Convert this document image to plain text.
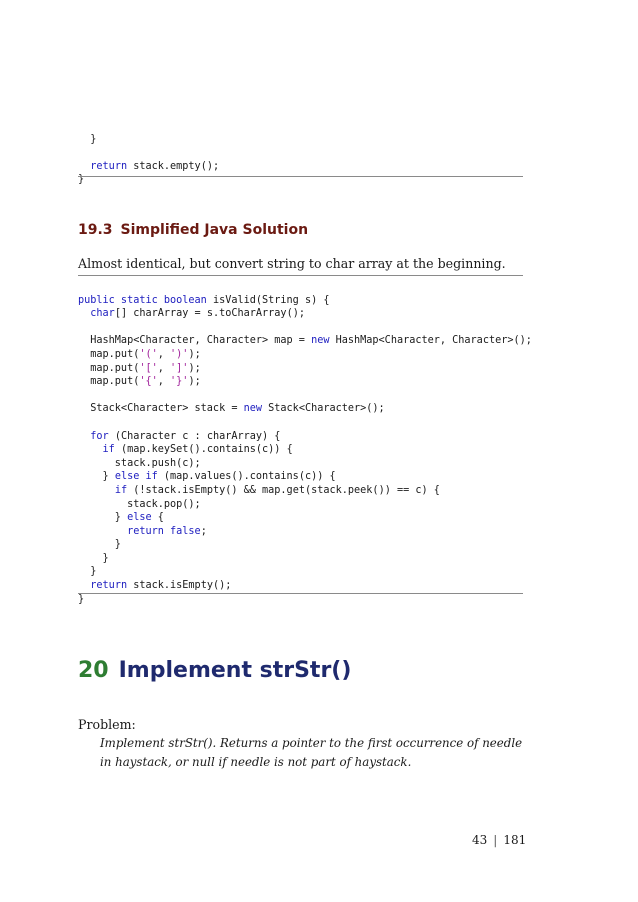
}

return stack.empty();
}

19.3 Simplified Java Solution
Almost identical, but convert string to char array at the beginning.

public static boolean isValid(String s) {
char[] charArray = s.toCharArray();

HashMap<Character, Character> map = new HashMap<Character, Character>();
map.put('(', ')');
map.put('[', ']');
map.put('{', '}');

Stack<Character> stack = new Stack<Character>();

for (Character c : charArray) {
if (map.keySet().contains(c)) {
stack.push(c);
} else if (map.values().contains(c)) {
if (!stack.isEmpty() && map.get(stack.peek()) == c) {
stack.pop();
} else {
return false;
}
}
}
return stack.isEmpty();
}

20 Implement strStr()
Problem:
Implement strStr(). Returns a pointer to the first occurrence of needle in haystack, or null if needle is not part of haystack.
43 | 181
